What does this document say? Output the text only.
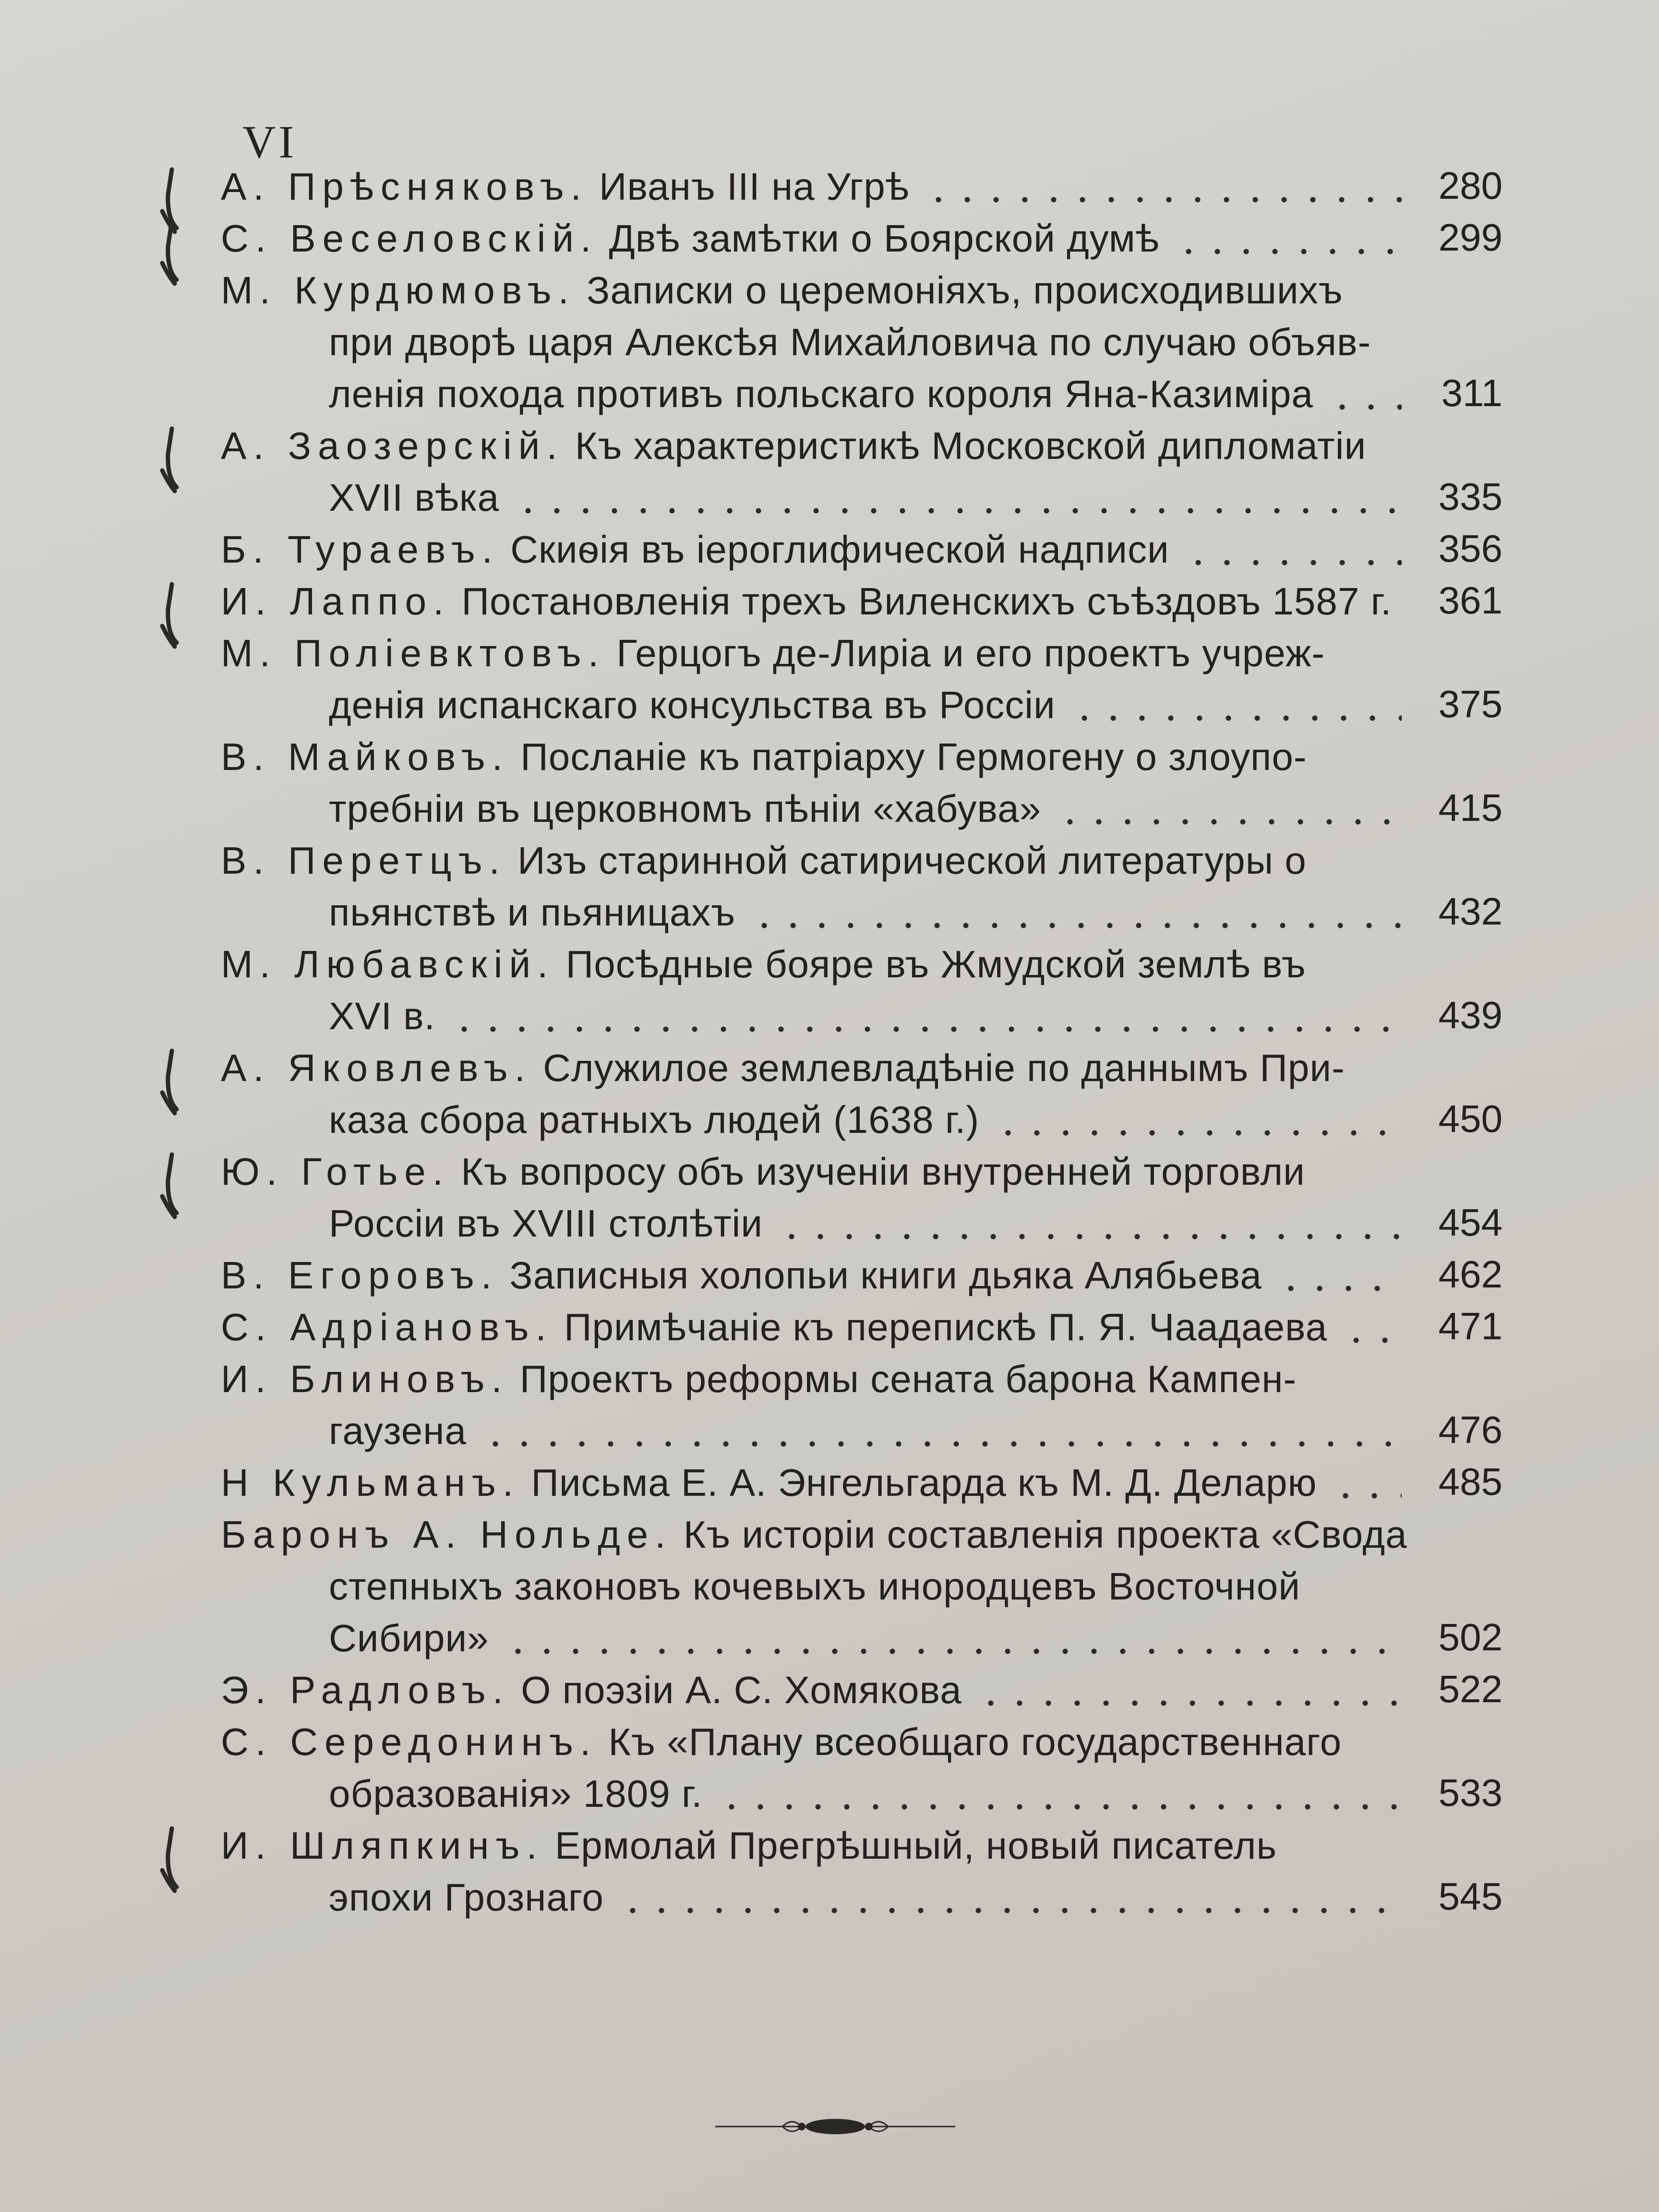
VI
А. Прѣсняковъ. Иванъ III на Угрѣ	280
С. Веселовскій. Двѣ замѣтки о Боярской думѣ	299
М. Курдюмовъ. Записки о церемоніяхъ, происходившихъ
при дворѣ царя Алексѣя Михайловича по случаю объяв-
ленія похода противъ польскаго короля Яна-Казиміра	311
А. Заозерскій. Къ характеристикѣ Московской дипломатіи
XVII вѣка	335
Б. Тураевъ. Скиѳія въ іероглифической надписи	356
И. Лаппо. Постановленія трехъ Виленскихъ съѣздовъ 1587 г. 361
М. Поліевктовъ. Герцогъ де-Лиріа и его проектъ учреж-
денія испанскаго консульства въ Россіи	375
В. Майковъ. Посланіе къ патріарху Гермогену о злоупо-
требніи въ церковномъ пѣніи «хабува»	415
В. Перетцъ. Изъ старинной сатирической литературы о
пьянствѣ и пьяницахъ	432
М. Любавскій. Посѣдные бояре въ Жмудской землѣ въ
XVI в.	439
А. Яковлевъ. Служилое землевладѣніе по даннымъ При-
каза сбора ратныхъ людей (1638 г.)	450
Ю. Готье. Къ вопросу объ изученіи внутренней торговли
Россіи въ XVIII столѣтіи	454
В. Егоровъ. Записныя холопьи книги дьяка Алябьева	462
С. Адріановъ. Примѣчаніе къ перепискѣ П. Я. Чаадаева	471
И. Блиновъ. Проектъ реформы сената барона Кампен-
гаузена	476
Н Кульманъ. Письма Е. А. Энгельгарда къ М. Д. Деларю	485
Баронъ А. Нольде. Къ исторіи составленія проекта «Свода
степныхъ законовъ кочевыхъ инородцевъ Восточной
Сибири»	502
Э. Радловъ. О поэзіи А. С. Хомякова	522
С. Середонинъ. Къ «Плану всеобщаго государственнаго
образованія» 1809 г.	533
И. Шляпкинъ. Ермолай Прегрѣшный, новый писатель
эпохи Грознаго	545
